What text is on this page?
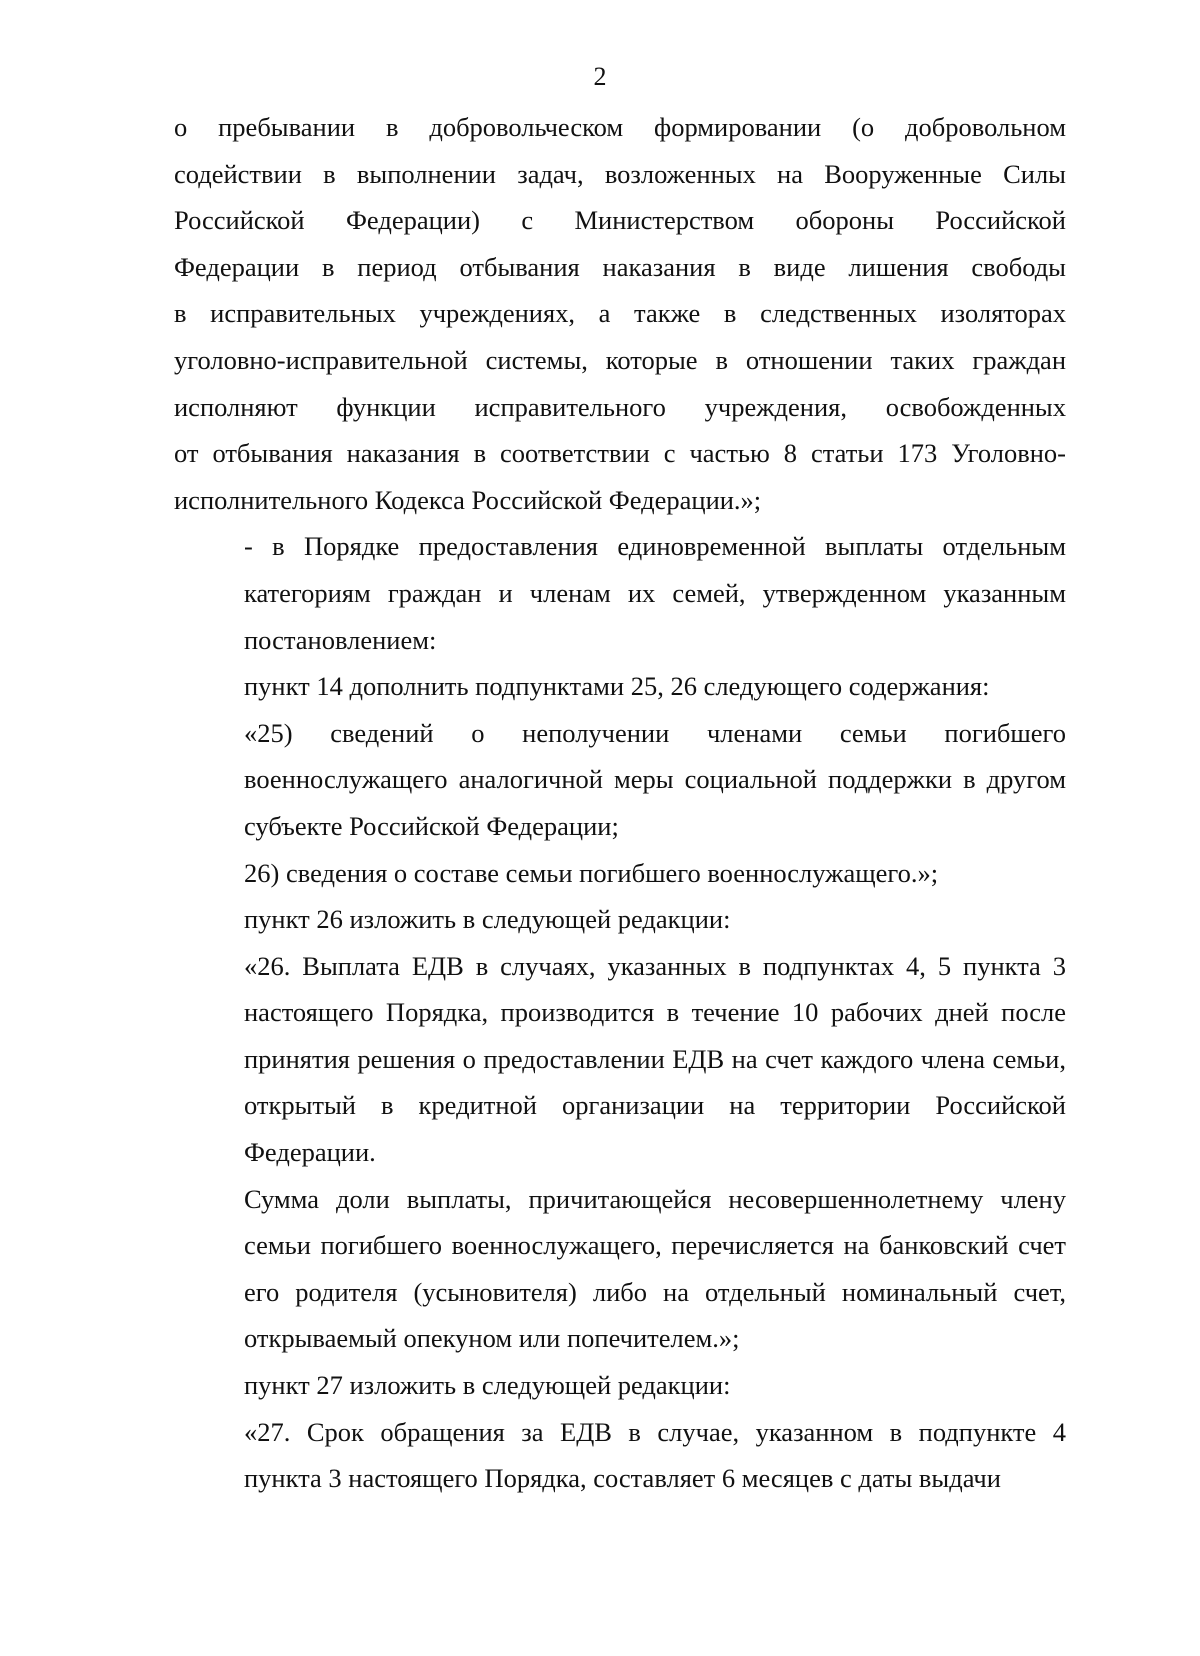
2

о пребывании в добровольческом формировании (о добровольном
содействии в выполнении задач, возложенных на Вооруженные Силы
Российской Федерации) с Министерством обороны Российской
Федерации в период отбывания наказания в виде лишения свободы
в исправительных учреждениях, а также в следственных изоляторах
уголовно-исправительной системы, которые в отношении таких граждан
исполняют функции исправительного учреждения, освобожденных
от отбывания наказания в соответствии с частью 8 статьи 173 Уголовно-
исполнительного Кодекса Российской Федерации.»;

- в Порядке предоставления единовременной выплаты отдельным
категориям граждан и членам их семей, утвержденном указанным
постановлением:

пункт 14 дополнить подпунктами 25, 26 следующего содержания:

«25) сведений о неполучении членами семьи погибшего
военнослужащего аналогичной меры социальной поддержки в другом
субъекте Российской Федерации;

26) сведения о составе семьи погибшего военнослужащего.»;

пункт 26 изложить в следующей редакции:

«26. Выплата ЕДВ в случаях, указанных в подпунктах 4, 5 пункта 3
настоящего Порядка, производится в течение 10 рабочих дней после
принятия решения о предоставлении ЕДВ на счет каждого члена семьи,
открытый в кредитной организации на территории Российской
Федерации.

Сумма доли выплаты, причитающейся несовершеннолетнему члену
семьи погибшего военнослужащего, перечисляется на банковский счет
его родителя (усыновителя) либо на отдельный номинальный счет,
открываемый опекуном или попечителем.»;

пункт 27 изложить в следующей редакции:

«27. Срок обращения за ЕДВ в случае, указанном в подпункте 4
пункта 3 настоящего Порядка, составляет 6 месяцев с даты выдачи
